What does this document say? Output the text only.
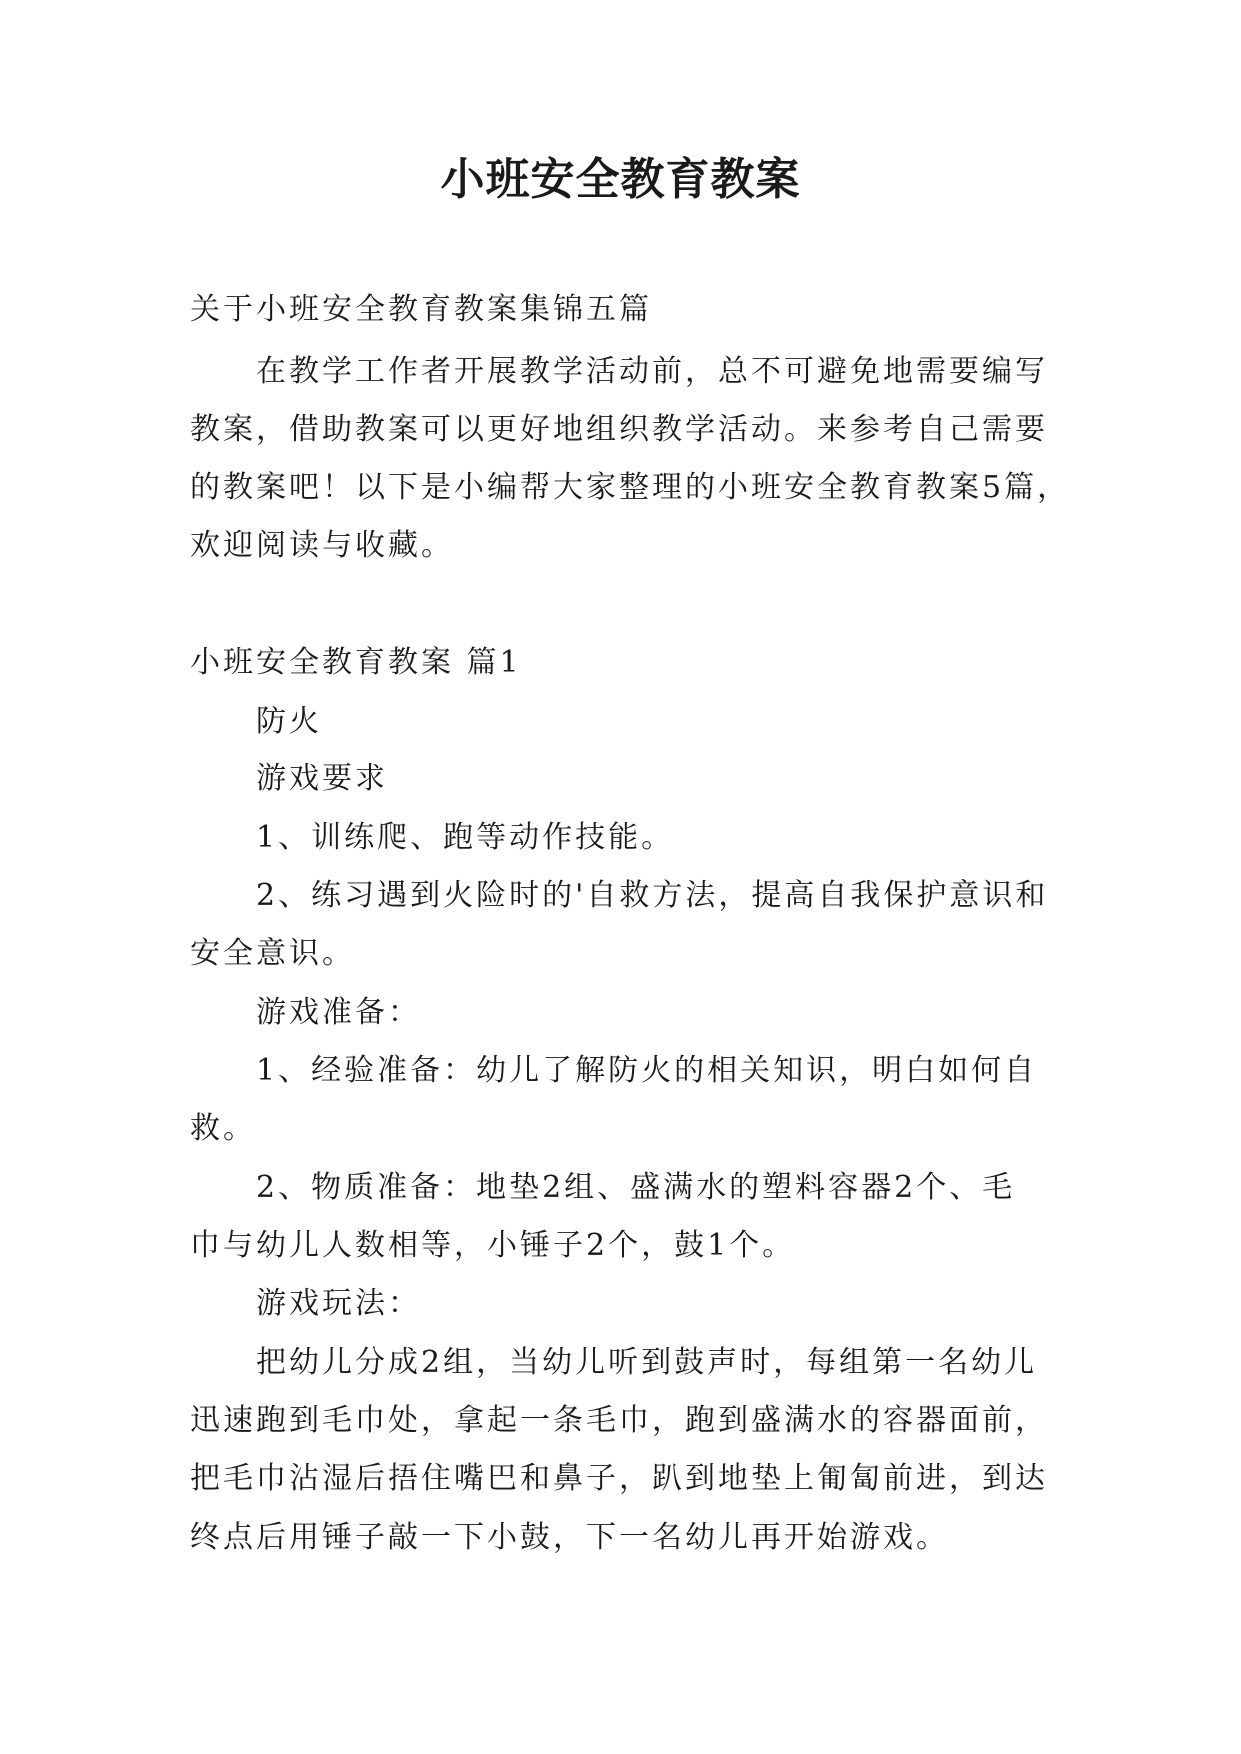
小班安全教育教案
关于小班安全教育教案集锦五篇
在教学工作者开展教学活动前，总不可避免地需要编写
教案，借助教案可以更好地组织教学活动。来参考自己需要
的教案吧！以下是小编帮大家整理的小班安全教育教案5篇，
欢迎阅读与收藏。
小班安全教育教案 篇1
防火
游戏要求
1、训练爬、跑等动作技能。
2、练习遇到火险时的'自救方法，提高自我保护意识和
安全意识。
游戏准备：
1、经验准备：幼儿了解防火的相关知识，明白如何自
救。
2、物质准备：地垫2组、盛满水的塑料容器2个、毛
巾与幼儿人数相等，小锤子2个，鼓1个。
游戏玩法：
把幼儿分成2组，当幼儿听到鼓声时，每组第一名幼儿
迅速跑到毛巾处，拿起一条毛巾，跑到盛满水的容器面前，
把毛巾沾湿后捂住嘴巴和鼻子，趴到地垫上匍匐前进，到达
终点后用锤子敲一下小鼓，下一名幼儿再开始游戏。
